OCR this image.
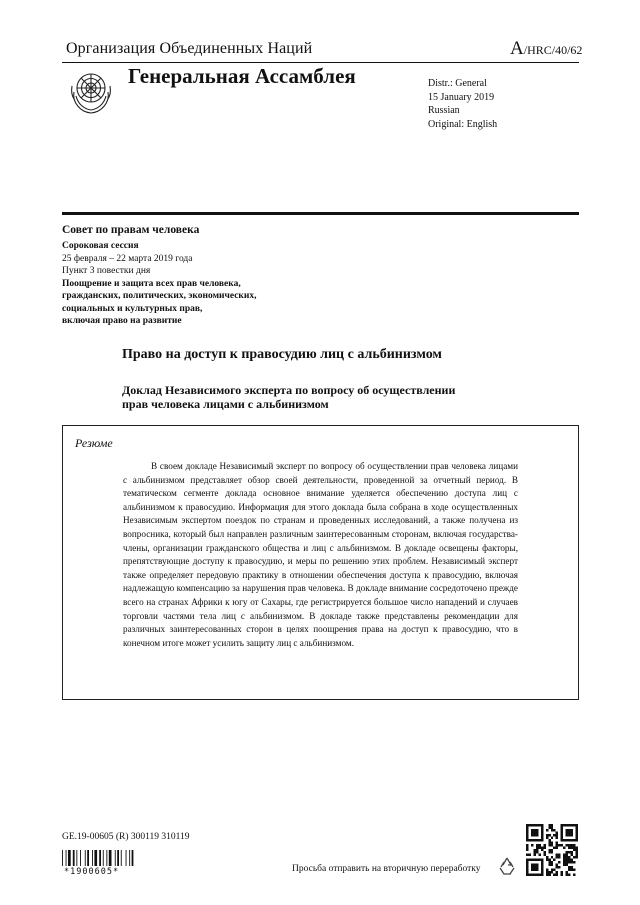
Организация Объединенных Наций	A/HRC/40/62
Генеральная Ассамблея	Distr.: General
15 January 2019
Russian
Original: English
Совет по правам человека
Сороковая сессия
25 февраля – 22 марта 2019 года
Пункт 3 повестки дня
Поощрение и защита всех прав человека,
гражданских, политических, экономических,
социальных и культурных прав,
включая право на развитие
Право на доступ к правосудию лиц с альбинизмом
Доклад Независимого эксперта по вопросу об осуществлении
прав человека лицами с альбинизмом
Резюме
В своем докладе Независимый эксперт по вопросу об осуществлении прав человека лицами с альбинизмом представляет обзор своей деятельности, проведенной за отчетный период. В тематическом сегменте доклада основное внимание уделяется обеспечению доступа лиц с альбинизмом к правосудию. Информация для этого доклада была собрана в ходе осуществленных Независимым экспертом поездок по странам и проведенных исследований, а также получена из вопросника, который был направлен различным заинтересованным сторонам, включая государства-члены, организации гражданского общества и лиц с альбинизмом. В докладе освещены факторы, препятствующие доступу к правосудию, и меры по решению этих проблем. Независимый эксперт также определяет передовую практику в отношении обеспечения доступа к правосудию, включая надлежащую компенсацию за нарушения прав человека. В докладе внимание сосредоточено прежде всего на странах Африки к югу от Сахары, где регистрируется большое число нападений и случаев торговли частями тела лиц с альбинизмом. В докладе также представлены рекомендации для различных заинтересованных сторон в целях поощрения права на доступ к правосудию, что в конечном итоге может усилить защиту лиц с альбинизмом.
GE.19-00605 (R) 300119 310119
*1900605*	Просьба отправить на вторичную переработку
